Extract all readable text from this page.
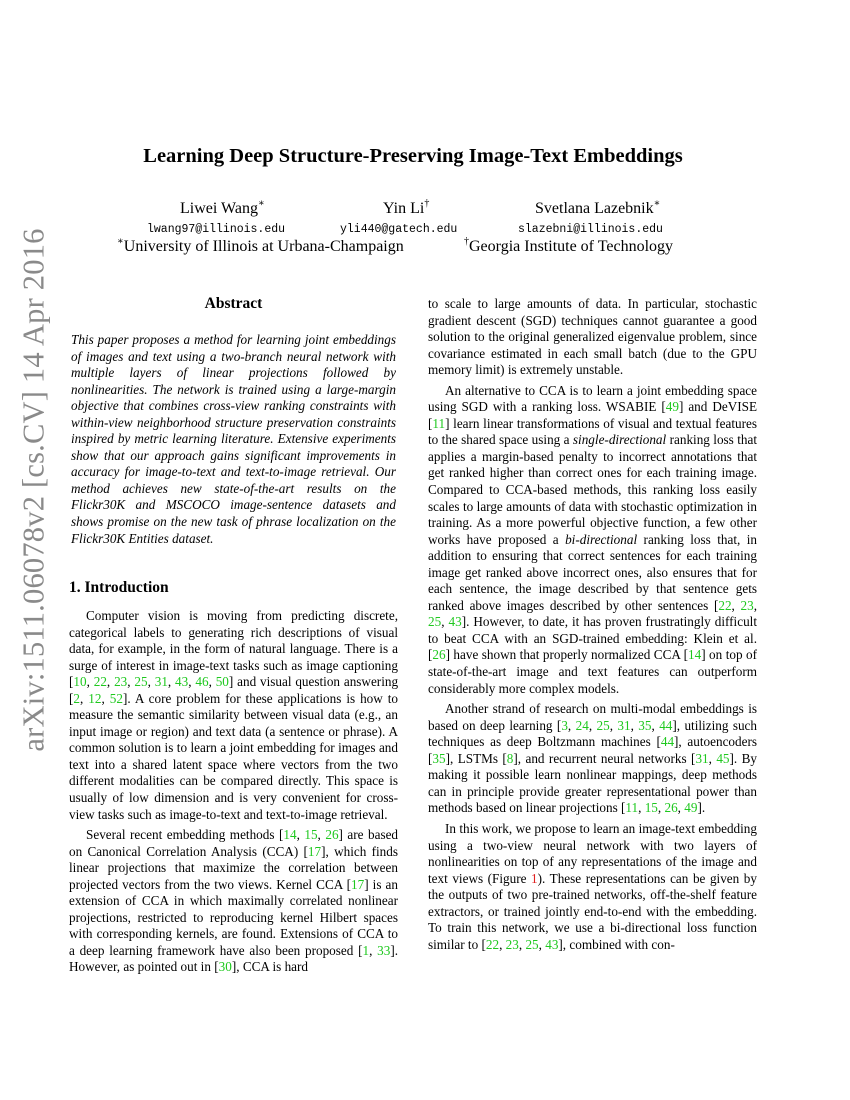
arXiv:1511.06078v2 [cs.CV] 14 Apr 2016
Learning Deep Structure-Preserving Image-Text Embeddings
Liwei Wang∗	Yin Li†	Svetlana Lazebnik∗
lwang97@illinois.edu	yli440@gatech.edu	slazebni@illinois.edu
∗University of Illinois at Urbana-Champaign	†Georgia Institute of Technology
Abstract

This paper proposes a method for learning joint embeddings of images and text using a two-branch neural network with multiple layers of linear projections followed by nonlinearities. The network is trained using a large-margin objective that combines cross-view ranking constraints with within-view neighborhood structure preservation constraints inspired by metric learning literature. Extensive experiments show that our approach gains significant improvements in accuracy for image-to-text and text-to-image retrieval. Our method achieves new state-of-the-art results on the Flickr30K and MSCOCO image-sentence datasets and shows promise on the new task of phrase localization on the Flickr30K Entities dataset.

1. Introduction

Computer vision is moving from predicting discrete, categorical labels to generating rich descriptions of visual data, for example, in the form of natural language. There is a surge of interest in image-text tasks such as image captioning [10, 22, 23, 25, 31, 43, 46, 50] and visual question answering [2, 12, 52]. A core problem for these applications is how to measure the semantic similarity between visual data (e.g., an input image or region) and text data (a sentence or phrase). A common solution is to learn a joint embedding for images and text into a shared latent space where vectors from the two different modalities can be compared directly. This space is usually of low dimension and is very convenient for cross-view tasks such as image-to-text and text-to-image retrieval.

Several recent embedding methods [14, 15, 26] are based on Canonical Correlation Analysis (CCA) [17], which finds linear projections that maximize the correlation between projected vectors from the two views. Kernel CCA [17] is an extension of CCA in which maximally correlated nonlinear projections, restricted to reproducing kernel Hilbert spaces with corresponding kernels, are found. Extensions of CCA to a deep learning framework have also been proposed [1, 33]. However, as pointed out in [30], CCA is hard

to scale to large amounts of data. In particular, stochastic gradient descent (SGD) techniques cannot guarantee a good solution to the original generalized eigenvalue problem, since covariance estimated in each small batch (due to the GPU memory limit) is extremely unstable.

An alternative to CCA is to learn a joint embedding space using SGD with a ranking loss. WSABIE [49] and DeVISE [11] learn linear transformations of visual and textual features to the shared space using a single-directional ranking loss that applies a margin-based penalty to incorrect annotations that get ranked higher than correct ones for each training image. Compared to CCA-based methods, this ranking loss easily scales to large amounts of data with stochastic optimization in training. As a more powerful objective function, a few other works have proposed a bi-directional ranking loss that, in addition to ensuring that correct sentences for each training image get ranked above incorrect ones, also ensures that for each sentence, the image described by that sentence gets ranked above images described by other sentences [22, 23, 25, 43]. However, to date, it has proven frustratingly difficult to beat CCA with an SGD-trained embedding: Klein et al. [26] have shown that properly normalized CCA [14] on top of state-of-the-art image and text features can outperform considerably more complex models.

Another strand of research on multi-modal embeddings is based on deep learning [3, 24, 25, 31, 35, 44], utilizing such techniques as deep Boltzmann machines [44], autoencoders [35], LSTMs [8], and recurrent neural networks [31, 45]. By making it possible learn nonlinear mappings, deep methods can in principle provide greater representational power than methods based on linear projections [11, 15, 26, 49].

In this work, we propose to learn an image-text embedding using a two-view neural network with two layers of nonlinearities on top of any representations of the image and text views (Figure 1). These representations can be given by the outputs of two pre-trained networks, off-the-shelf feature extractors, or trained jointly end-to-end with the embedding. To train this network, we use a bi-directional loss function similar to [22, 23, 25, 43], combined with con-
